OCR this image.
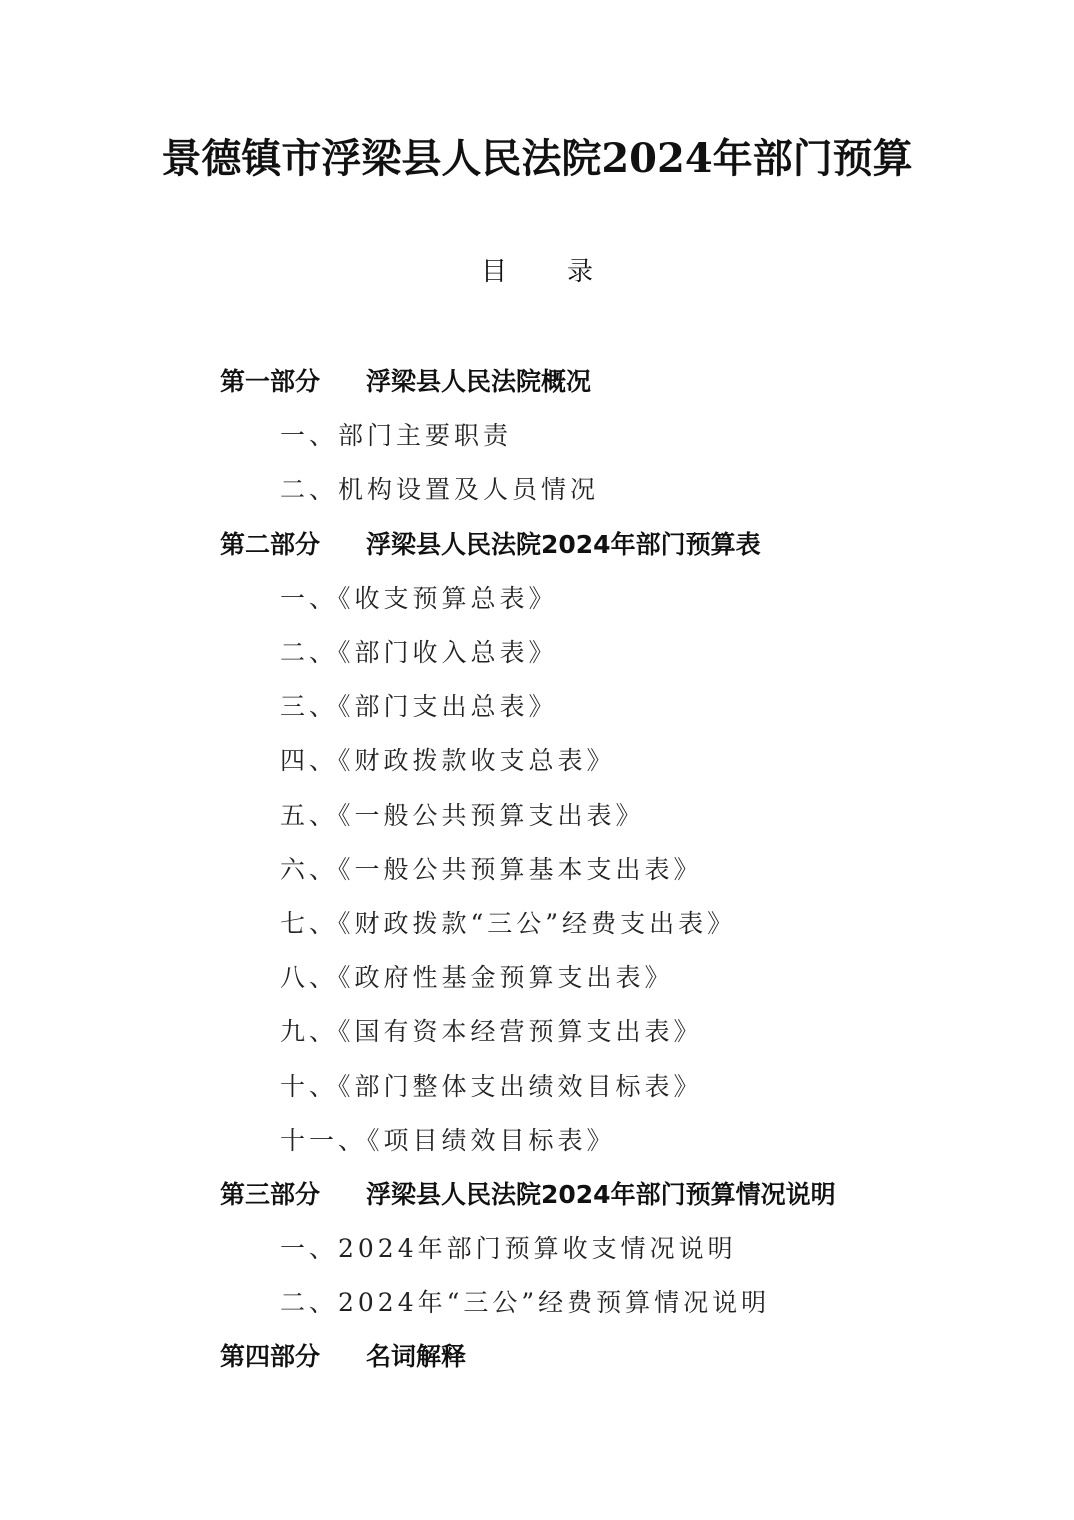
景德镇市浮梁县人民法院2024年部门预算
目 录
第一部分	浮梁县人民法院概况
一、部门主要职责
二、机构设置及人员情况
第二部分	浮梁县人民法院2024年部门预算表
一、《收支预算总表》
二、《部门收入总表》
三、《部门支出总表》
四、《财政拨款收支总表》
五、《一般公共预算支出表》
六、《一般公共预算基本支出表》
七、《财政拨款“三公”经费支出表》
八、《政府性基金预算支出表》
九、《国有资本经营预算支出表》
十、《部门整体支出绩效目标表》
十一、《项目绩效目标表》
第三部分	浮梁县人民法院2024年部门预算情况说明
一、2024年部门预算收支情况说明
二、2024年“三公”经费预算情况说明
第四部分	名词解释
